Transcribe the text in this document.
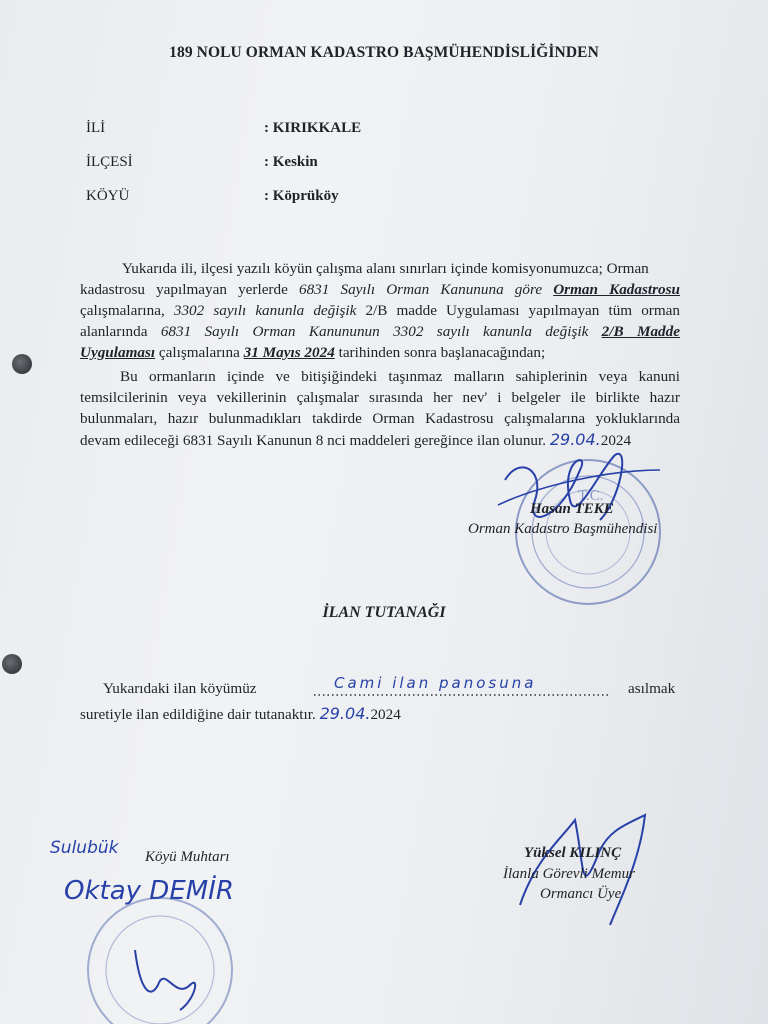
189 NOLU ORMAN KADASTRO BAŞMÜHENDİSLİĞİNDEN
İLİ	: KIRIKKALE
İLÇESİ	: Keskin
KÖYÜ	: Köprüköy
Yukarıda ili, ilçesi yazılı köyün çalışma alanı sınırları içinde komisyonumuzca; Orman
kadastrosu yapılmayan yerlerde 6831 Sayılı Orman Kanununa göre Orman Kadastrosu
çalışmalarına, 3302 sayılı kanunla değişik 2/B madde Uygulaması yapılmayan tüm orman
alanlarında 6831 Sayılı Orman Kanununun 3302 sayılı kanunla değişik 2/B Madde
Uygulaması çalışmalarına 31 Mayıs 2024 tarihinden sonra başlanacağından;
Bu ormanların içinde ve bitişiğindeki taşınmaz malların sahiplerinin veya kanuni
temsilcilerinin veya vekillerinin çalışmalar sırasında her nev' i belgeler ile birlikte hazır
bulunmaları, hazır bulunmadıkları takdirde Orman Kadastrosu çalışmalarına yokluklarında
devam edileceği 6831 Sayılı Kanunun 8 nci maddeleri gereğince ilan olunur. 29.04.2024
T.C.
Hasan TEKE
Orman Kadastro Başmühendisi
İLAN TUTANAĞI
Yukarıdaki ilan köyümüz	Cami ilan panosuna	asılmak
suretiyle ilan edildiğine dair tutanaktır. 29.04.2024
Sulubük Köyü Muhtarı
Oktay DEMİR
Yüksel KILINÇ
İlanla Görevli Memur
Ormancı Üye
